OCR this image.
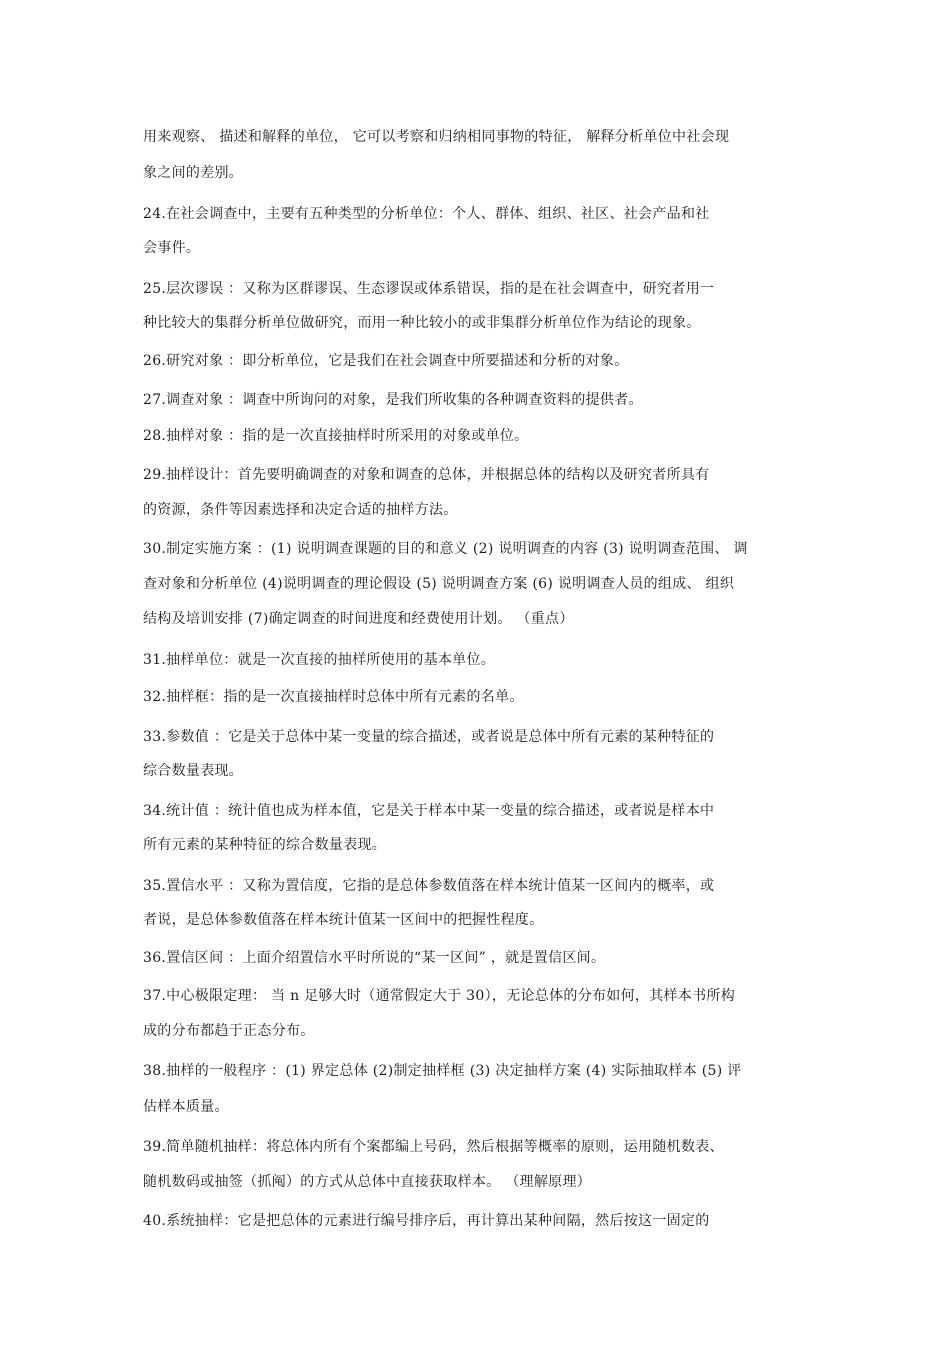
用来观察、 描述和解释的单位， 它可以考察和归纳相同事物的特征， 解释分析单位中社会现
象之间的差别。
24.在社会调查中，主要有五种类型的分析单位：个人、群体、组织、社区、社会产品和社
会事件。
25.层次谬误 ：又称为区群谬误、生态谬误或体系错误，指的是在社会调查中，研究者用一
种比较大的集群分析单位做研究，而用一种比较小的或非集群分析单位作为结论的现象。
26.研究对象 ：即分析单位，它是我们在社会调查中所要描述和分析的对象。
27.调查对象 ：调查中所询问的对象，是我们所收集的各种调查资料的提供者。
28.抽样对象 ：指的是一次直接抽样时所采用的对象或单位。
29.抽样设计：首先要明确调查的对象和调查的总体，并根据总体的结构以及研究者所具有
的资源，条件等因素选择和决定合适的抽样方法。
30.制定实施方案 ：(1) 说明调查课题的目的和意义 (2) 说明调查的内容 (3) 说明调查范围、 调
查对象和分析单位 (4)说明调查的理论假设 (5) 说明调查方案 (6) 说明调查人员的组成、 组织
结构及培训安排 (7)确定调查的时间进度和经费使用计划。 （重点）
31.抽样单位：就是一次直接的抽样所使用的基本单位。
32.抽样框：指的是一次直接抽样时总体中所有元素的名单。
33.参数值 ：它是关于总体中某一变量的综合描述，或者说是总体中所有元素的某种特征的
综合数量表现。
34.统计值 ：统计值也成为样本值，它是关于样本中某一变量的综合描述，或者说是样本中
所有元素的某种特征的综合数量表现。
35.置信水平 ：又称为置信度，它指的是总体参数值落在样本统计值某一区间内的概率，或
者说，是总体参数值落在样本统计值某一区间中的把握性程度。
36.置信区间 ：上面介绍置信水平时所说的“某一区间” ，就是置信区间。
37.中心极限定理： 当 n 足够大时（通常假定大于 30），无论总体的分布如何，其样本书所构
成的分布都趋于正态分布。
38.抽样的一般程序 ：(1) 界定总体 (2)制定抽样框 (3) 决定抽样方案 (4) 实际抽取样本 (5) 评
估样本质量。
39.简单随机抽样：将总体内所有个案都编上号码，然后根据等概率的原则，运用随机数表、
随机数码或抽签（抓阄）的方式从总体中直接获取样本。 （理解原理）
40.系统抽样：它是把总体的元素进行编号排序后，再计算出某种间隔，然后按这一固定的
